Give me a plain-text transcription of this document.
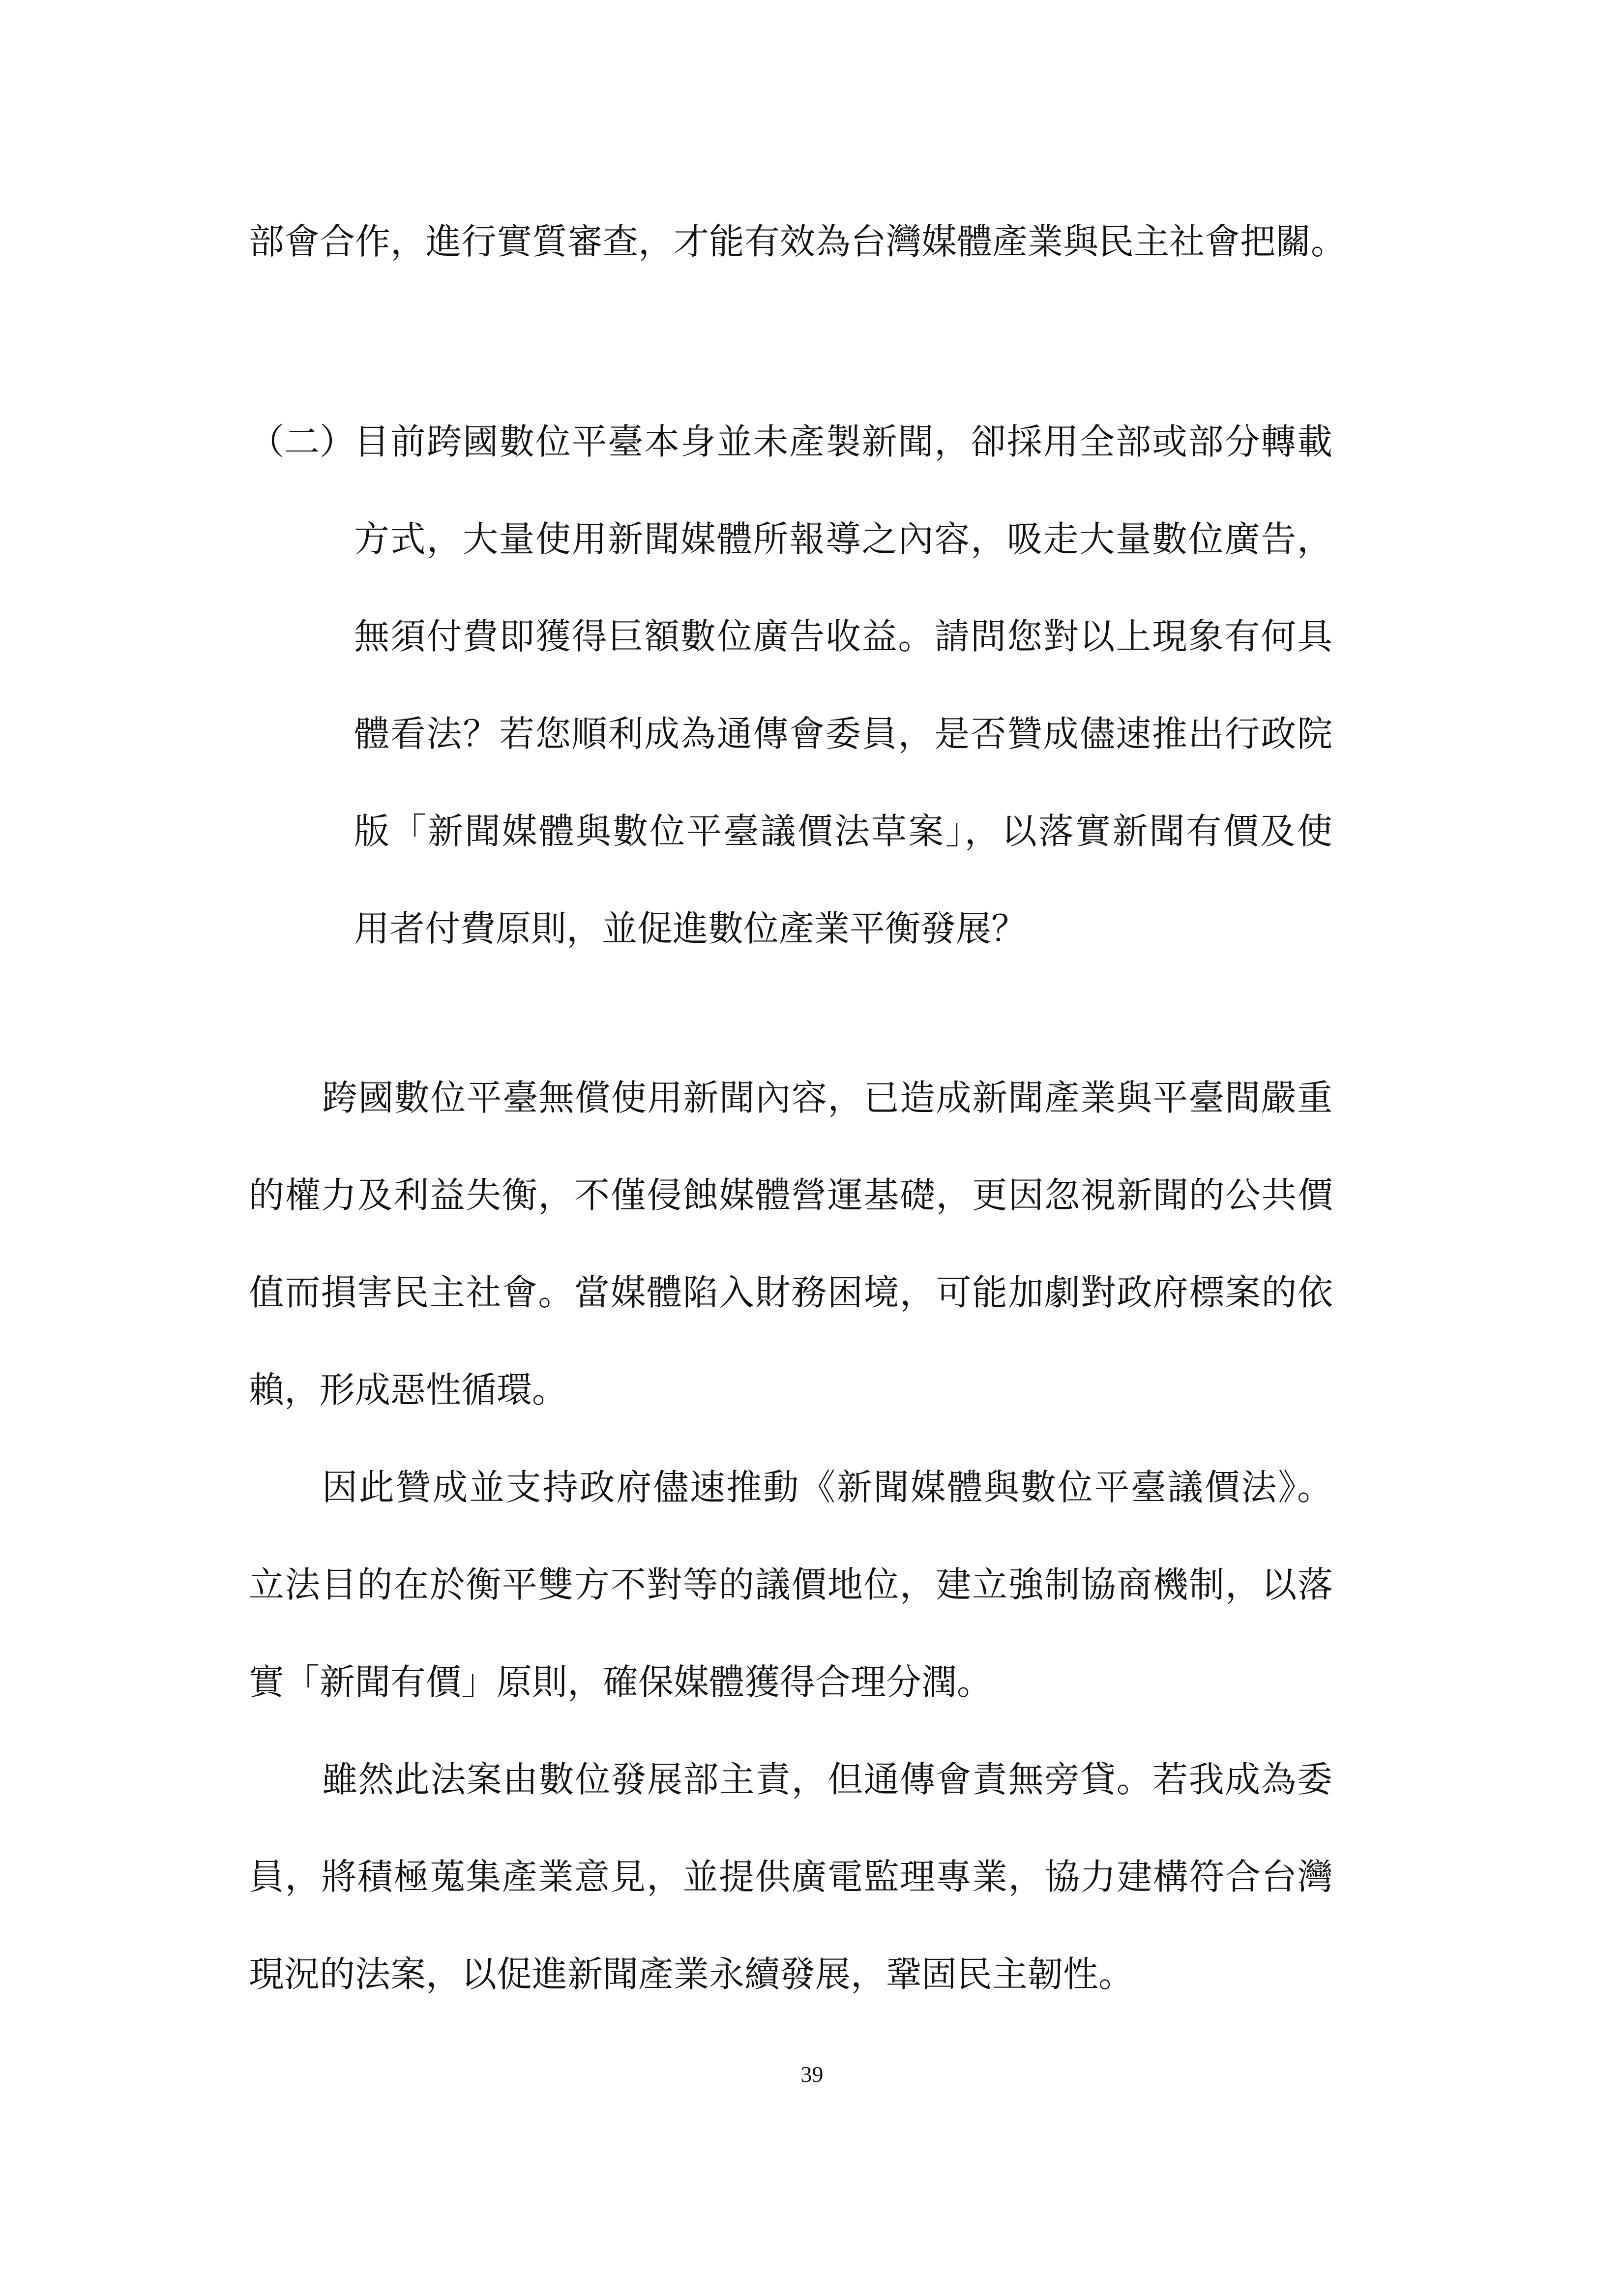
部會合作，進行實質審查，才能有效為台灣媒體產業與民主社會把關。
（二）
目前跨國數位平臺本身並未產製新聞，卻採用全部或部分轉載
方式，大量使用新聞媒體所報導之內容，吸走大量數位廣告，
無須付費即獲得巨額數位廣告收益。請問您對以上現象有何具
體看法？若您順利成為通傳會委員，是否贊成儘速推出行政院
版「新聞媒體與數位平臺議價法草案」，以落實新聞有價及使
用者付費原則，並促進數位產業平衡發展？
跨國數位平臺無償使用新聞內容，已造成新聞產業與平臺間嚴重
的權力及利益失衡，不僅侵蝕媒體營運基礎，更因忽視新聞的公共價
值而損害民主社會。當媒體陷入財務困境，可能加劇對政府標案的依
賴，形成惡性循環。
因此贊成並支持政府儘速推動《新聞媒體與數位平臺議價法》。
立法目的在於衡平雙方不對等的議價地位，建立強制協商機制，以落
實「新聞有價」原則，確保媒體獲得合理分潤。
雖然此法案由數位發展部主責，但通傳會責無旁貸。若我成為委
員，將積極蒐集產業意見，並提供廣電監理專業，協力建構符合台灣
現況的法案，以促進新聞產業永續發展，鞏固民主韌性。
39
